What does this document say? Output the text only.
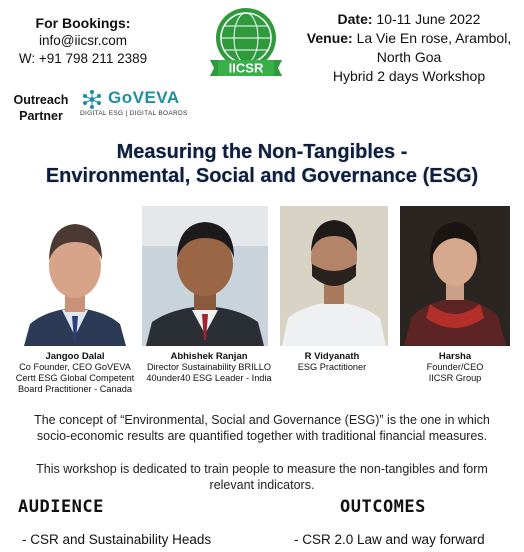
For Bookings:
info@iicsr.com
W: +91 798 211 2389
IICSR
Date: 10-11 June 2022
Venue: La Vie En rose, Arambol,
North Goa
Hybrid 2 days Workshop
Outreach
Partner
GoVEVA
DIGITAL ESG | DIGITAL BOARDS
Measuring the Non-Tangibles -
Environmental, Social and Governance (ESG)
Jangoo Dalal
Co Founder, CEO GoVEVA
Certt ESG Global Competent
Board Practitioner - Canada
Abhishek Ranjan
Director Sustainability BRILLO
40under40 ESG Leader - India
R Vidyanath
ESG Practitioner
Harsha
Founder/CEO
IICSR Group
The concept of “Environmental, Social and Governance (ESG)” is the one in which
socio-economic results are quantified together with traditional financial measures.
This workshop is dedicated to train people to measure the non-tangibles and form
relevant indicators.
AUDIENCE	OUTCOMES
- CSR and Sustainability Heads	- CSR 2.0 Law and way forward
